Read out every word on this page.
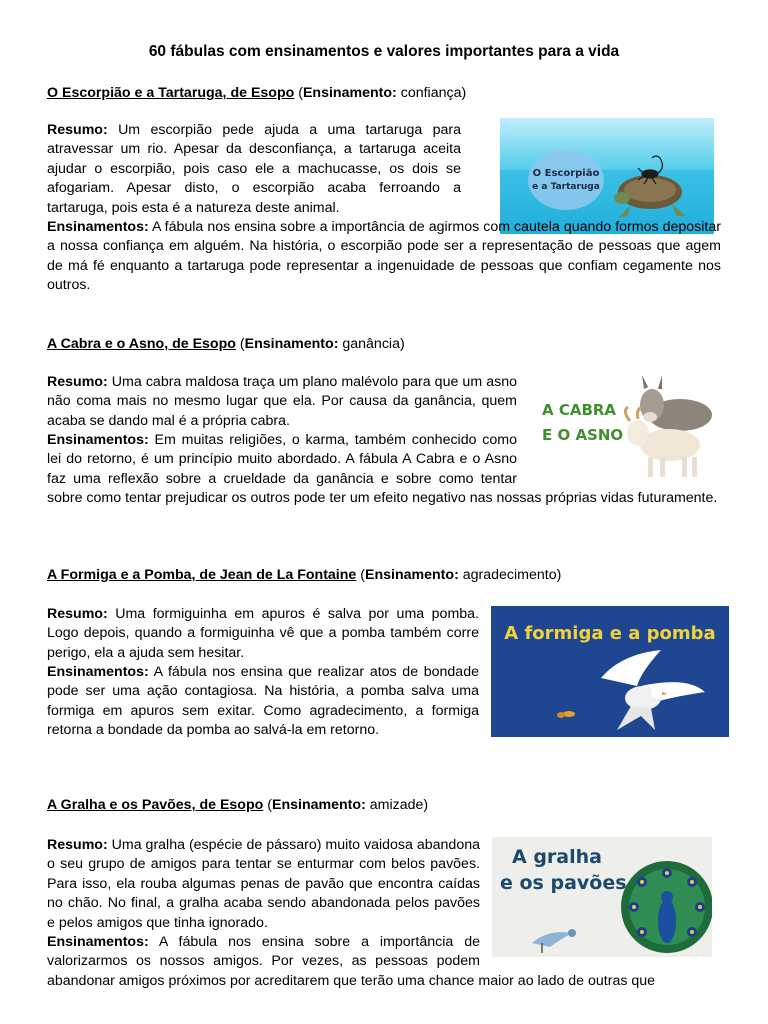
60 fábulas com ensinamentos e valores importantes para a vida
O Escorpião e a Tartaruga, de Esopo (Ensinamento: confiança)
O Escorpião
e a Tartaruga

Resumo: Um escorpião pede ajuda a uma tartaruga para atravessar um rio. Apesar da desconfiança, a tartaruga aceita ajudar o escorpião, pois caso ele a machucasse, os dois se afogariam. Apesar disto, o escorpião acaba ferroando a tartaruga, pois esta é a natureza deste animal.

Ensinamentos: A fábula nos ensina sobre a importância de agirmos com cautela quando formos depositar a nossa confiança em alguém. Na história, o escorpião pode ser a representação de pessoas que agem de má fé enquanto a tartaruga pode representar a ingenuidade de pessoas que confiam cegamente nos outros.

A Cabra e o Asno, de Esopo (Ensinamento: ganância)
A CABRA
E O ASNO

Resumo: Uma cabra maldosa traça um plano malévolo para que um asno não coma mais no mesmo lugar que ela. Por causa da ganância, quem acaba se dando mal é a própria cabra.

Ensinamentos: Em muitas religiões, o karma, também conhecido como lei do retorno, é um princípio muito abordado. A fábula A Cabra e o Asno faz uma reflexão sobre a crueldade da ganância e sobre como tentar

sobre como tentar prejudicar os outros pode ter um efeito negativo nas nossas próprias vidas futuramente.

A Formiga e a Pomba, de Jean de La Fontaine (Ensinamento: agradecimento)
A formiga e a pomba

Resumo: Uma formiguinha em apuros é salva por uma pomba. Logo depois, quando a formiguinha vê que a pomba também corre perigo, ela a ajuda sem hesitar.

Ensinamentos: A fábula nos ensina que realizar atos de bondade pode ser uma ação contagiosa. Na história, a pomba salva uma formiga em apuros sem exitar. Como agradecimento, a formiga retorna a bondade da pomba ao salvá-la em retorno.

A Gralha e os Pavões, de Esopo (Ensinamento: amizade)
A gralha
e os pavões

Resumo: Uma gralha (espécie de pássaro) muito vaidosa abandona o seu grupo de amigos para tentar se enturmar com belos pavões. Para isso, ela rouba algumas penas de pavão que encontra caídas no chão. No final, a gralha acaba sendo abandonada pelos pavões e pelos amigos que tinha ignorado.

Ensinamentos: A fábula nos ensina sobre a importância de valorizarmos os nossos amigos. Por vezes, as pessoas podem

abandonar amigos próximos por acreditarem que terão uma chance maior ao lado de outras que
